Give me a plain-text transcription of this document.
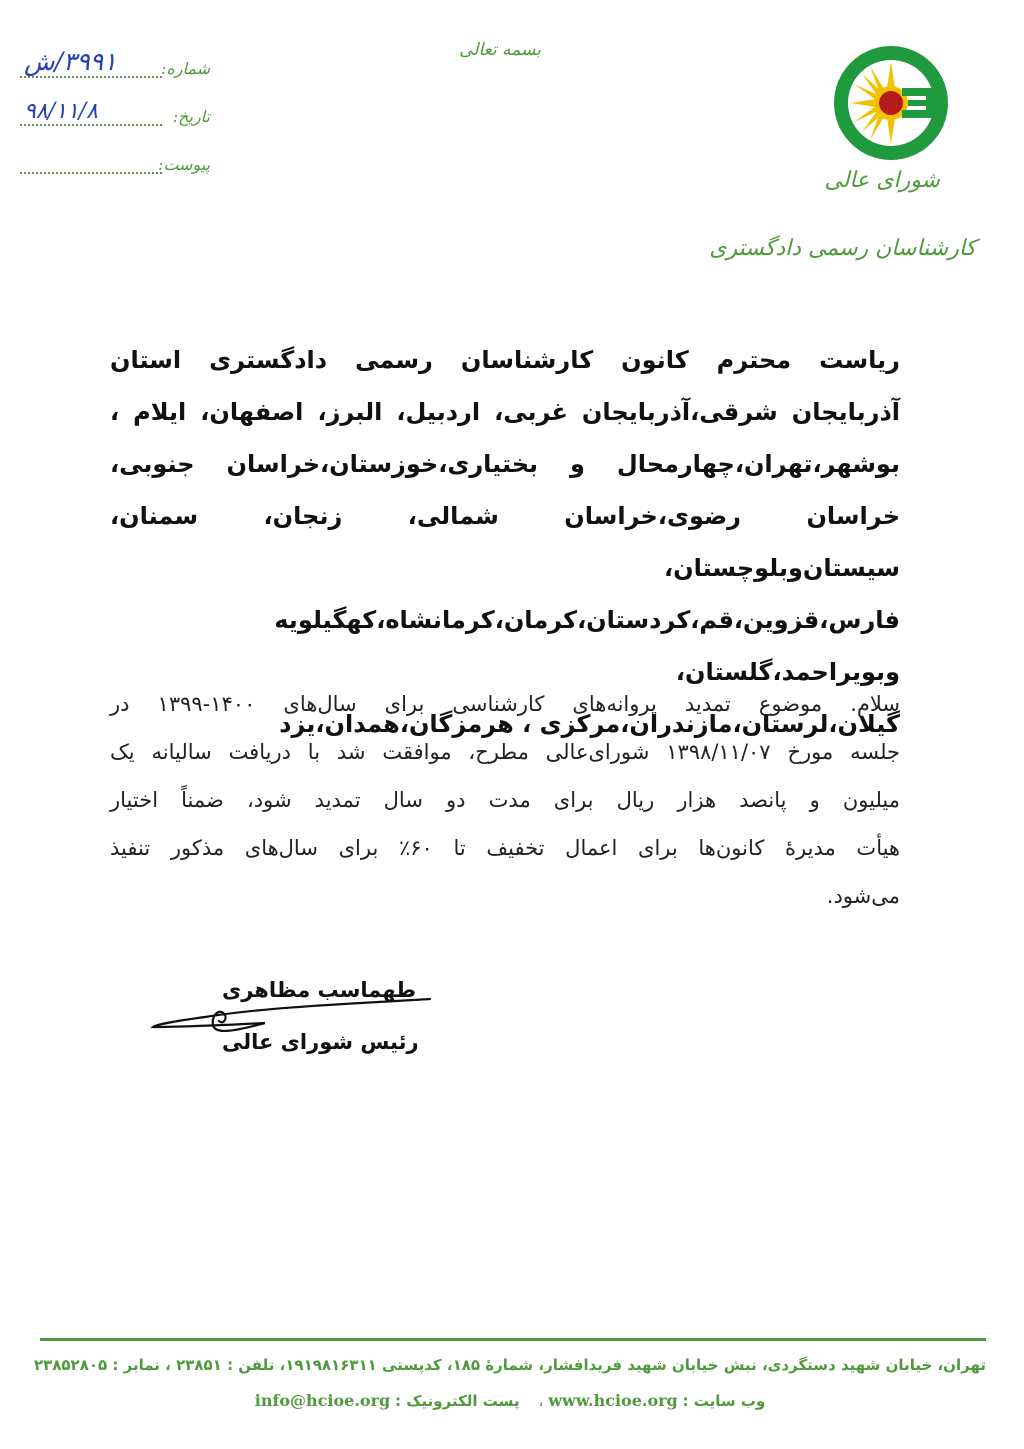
شماره:
۳۹۹۱/ش
تاریخ:
۹۸/۱۱/۸
پیوست:
بسمه تعالی
شورای عالی
کارشناسان رسمی دادگستری
ریاست محترم کانون کارشناسان رسمی دادگستری استان
آذربایجان شرقی،آذربایجان غربی، اردبیل، البرز، اصفهان، ایلام ،
بوشهر،تهران،چهارمحال و بختیاری،خوزستان،خراسان جنوبی،
خراسان رضوی،خراسان شمالی، زنجان، سمنان، سیستان‌وبلوچستان،
فارس،قزوین،قم،کردستان،کرمان،کرمانشاه،کهگیلویه وبویراحمد،گلستان،
گیلان،لرستان،مازندران،مرکزی ، هرمزگان،همدان،یزد
سلام. موضوع تمدید پروانه‌های کارشناسی برای سال‌های ۱۴۰۰-۱۳۹۹ در
جلسه مورخ ۱۳۹۸/۱۱/۰۷ شورای‌عالی مطرح، موافقت شد با دریافت سالیانه یک
میلیون و پانصد هزار ریال برای مدت دو سال تمدید شود، ضمناً اختیار
هیأت مدیرهٔ کانون‌ها برای اعمال تخفیف تا ۶۰٪ برای سال‌های مذکور تنفیذ
می‌شود.
طهماسب مظاهری
رئیس شورای عالی
تهران، خیابان شهید دستگردی، نبش خیابان شهید فریدافشار، شمارهٔ ۱۸۵، کدپستی ۱۹۱۹۸۱۶۳۱۱، تلفن : ۲۳۸۵۱ ، نمابر : ۲۳۸۵۲۸۰۵
وب سایت : www.hcioe.org ،    پست الکترونیک : info@hcioe.org
